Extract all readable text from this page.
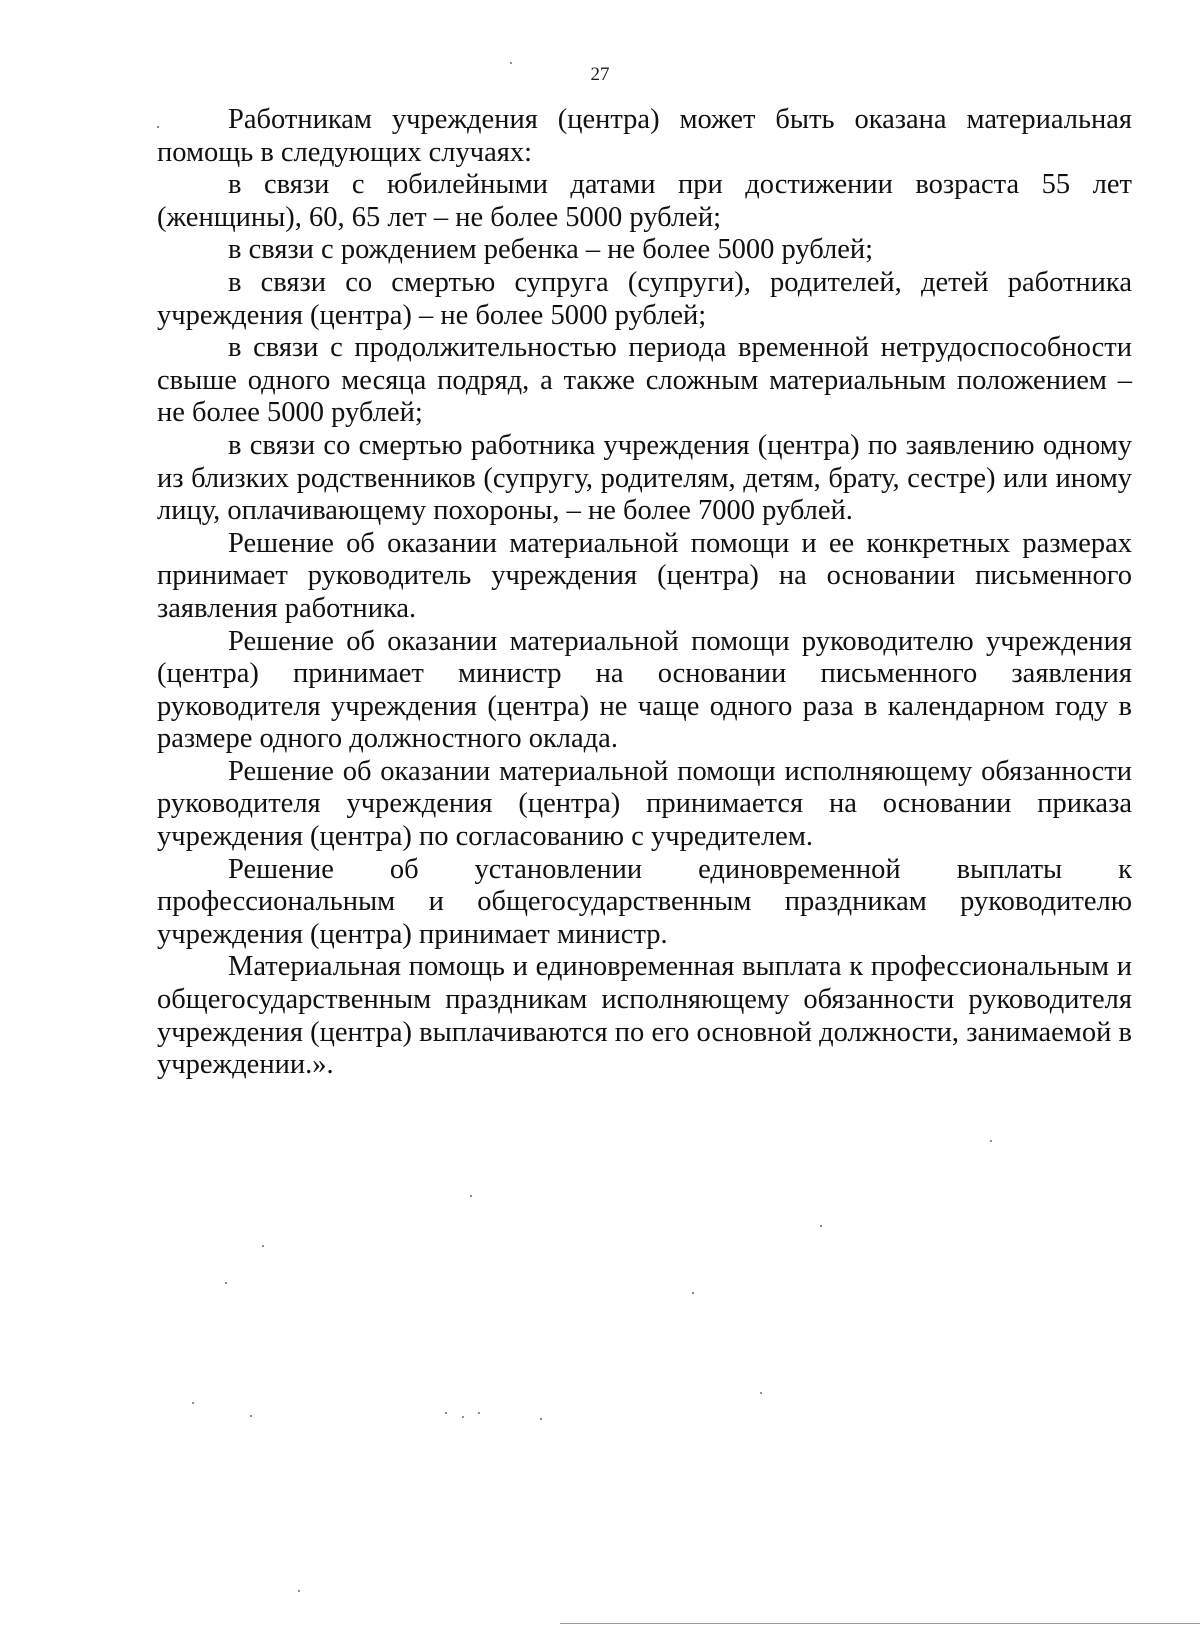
27

Работникам учреждения (центра) может быть оказана материальная помощь в следующих случаях:

в связи с юбилейными датами при достижении возраста 55 лет (женщины), 60, 65 лет – не более 5000 рублей;

в связи с рождением ребенка – не более 5000 рублей;

в связи со смертью супруга (супруги), родителей, детей работника учреждения (центра) – не более 5000 рублей;

в связи с продолжительностью периода временной нетрудоспособности свыше одного месяца подряд, а также сложным материальным положением – не более 5000 рублей;

в связи со смертью работника учреждения (центра) по заявлению одному из близких родственников (супругу, родителям, детям, брату, сестре) или иному лицу, оплачивающему похороны, – не более 7000 рублей.

Решение об оказании материальной помощи и ее конкретных размерах принимает руководитель учреждения (центра) на основании письменного заявления работника.

Решение об оказании материальной помощи руководителю учреждения (центра) принимает министр на основании письменного заявления руководителя учреждения (центра) не чаще одного раза в календарном году в размере одного должностного оклада.

Решение об оказании материальной помощи исполняющему обязанности руководителя учреждения (центра) принимается на основании приказа учреждения (центра) по согласованию с учредителем.

Решение об установлении единовременной выплаты к профессиональным и общегосударственным праздникам руководителю учреждения (центра) принимает министр.

Материальная помощь и единовременная выплата к профессиональным и общегосударственным праздникам исполняющему обязанности руководителя учреждения (центра) выплачиваются по его основной должности, занимаемой в учреждении.».
